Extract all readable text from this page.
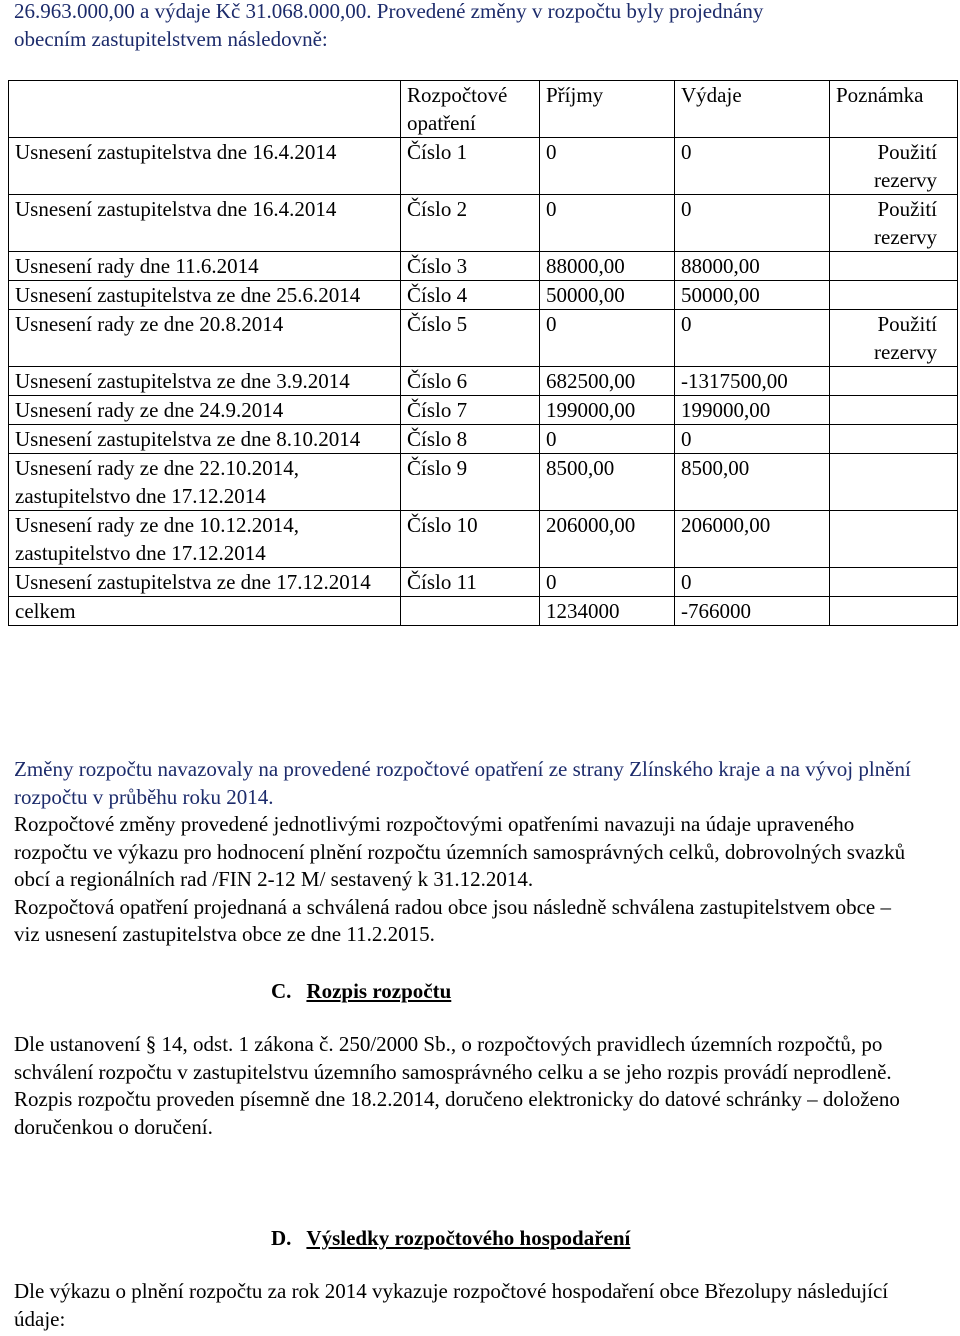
26.963.000,00 a výdaje Kč 31.068.000,00. Provedené změny v rozpočtu byly projednány

obecním zastupitelstvem následovně:

	Rozpočtové opatření	Příjmy	Výdaje	Poznámka
Usnesení zastupitelstva dne 16.4.2014	Číslo 1	0	0	Použití rezervy
Usnesení zastupitelstva dne 16.4.2014	Číslo 2	0	0	Použití rezervy
Usnesení rady dne 11.6.2014	Číslo 3	88000,00	88000,00	
Usnesení zastupitelstva ze dne 25.6.2014	Číslo 4	50000,00	50000,00	
Usnesení rady ze dne 20.8.2014	Číslo 5	0	0	Použití rezervy
Usnesení zastupitelstva ze dne 3.9.2014	Číslo 6	682500,00	-1317500,00	
Usnesení rady ze dne 24.9.2014	Číslo 7	199000,00	199000,00	
Usnesení zastupitelstva ze dne 8.10.2014	Číslo 8	0	0	
Usnesení rady ze dne 22.10.2014, zastupitelstvo dne 17.12.2014	Číslo 9	8500,00	8500,00	
Usnesení rady ze dne 10.12.2014, zastupitelstvo dne 17.12.2014	Číslo 10	206000,00	206000,00	
Usnesení zastupitelstva ze dne 17.12.2014	Číslo 11	0	0	
celkem		1234000	-766000	

Změny rozpočtu navazovaly na provedené rozpočtové opatření ze strany Zlínského kraje a na vývoj plnění rozpočtu v průběhu roku 2014.

Rozpočtové změny provedené jednotlivými rozpočtovými opatřeními navazuji na údaje upraveného rozpočtu ve výkazu pro hodnocení plnění rozpočtu územních samosprávných celků, dobrovolných svazků obcí a regionálních rad /FIN 2-12 M/ sestavený k 31.12.2014.

Rozpočtová opatření projednaná a schválená radou obce jsou následně schválena zastupitelstvem obce – viz usnesení zastupitelstva obce ze dne 11.2.2015.

C. Rozpis rozpočtu

Dle ustanovení § 14, odst. 1 zákona č. 250/2000 Sb., o rozpočtových pravidlech územních rozpočtů, po schválení rozpočtu v zastupitelstvu územního samosprávného celku a se jeho rozpis provádí neprodleně.

Rozpis rozpočtu proveden písemně dne 18.2.2014, doručeno elektronicky do datové schránky – doloženo doručenkou o doručení.

D. Výsledky rozpočtového hospodaření

Dle výkazu o plnění rozpočtu za rok 2014 vykazuje rozpočtové hospodaření obce Březolupy následující údaje:
